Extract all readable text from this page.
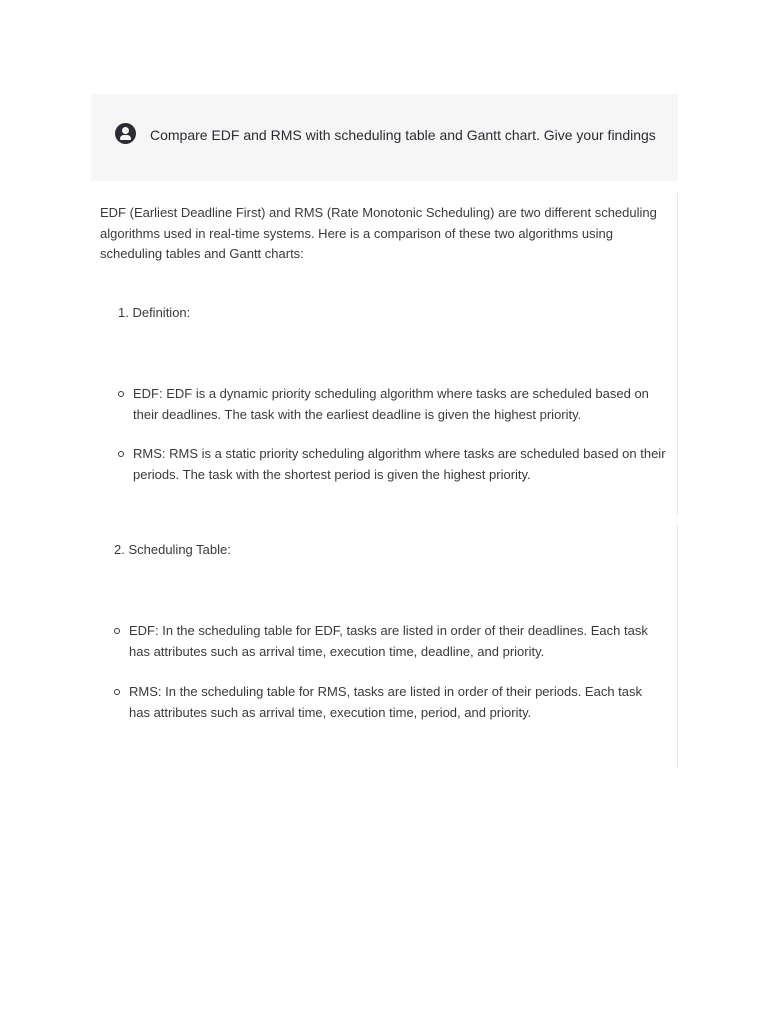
Compare EDF and RMS with scheduling table and Gantt chart. Give your findings
EDF (Earliest Deadline First) and RMS (Rate Monotonic Scheduling) are two different scheduling algorithms used in real-time systems. Here is a comparison of these two algorithms using scheduling tables and Gantt charts:
1. Definition:
EDF: EDF is a dynamic priority scheduling algorithm where tasks are scheduled based on their deadlines. The task with the earliest deadline is given the highest priority.
RMS: RMS is a static priority scheduling algorithm where tasks are scheduled based on their periods. The task with the shortest period is given the highest priority.
2. Scheduling Table:
EDF: In the scheduling table for EDF, tasks are listed in order of their deadlines. Each task has attributes such as arrival time, execution time, deadline, and priority.
RMS: In the scheduling table for RMS, tasks are listed in order of their periods. Each task has attributes such as arrival time, execution time, period, and priority.
